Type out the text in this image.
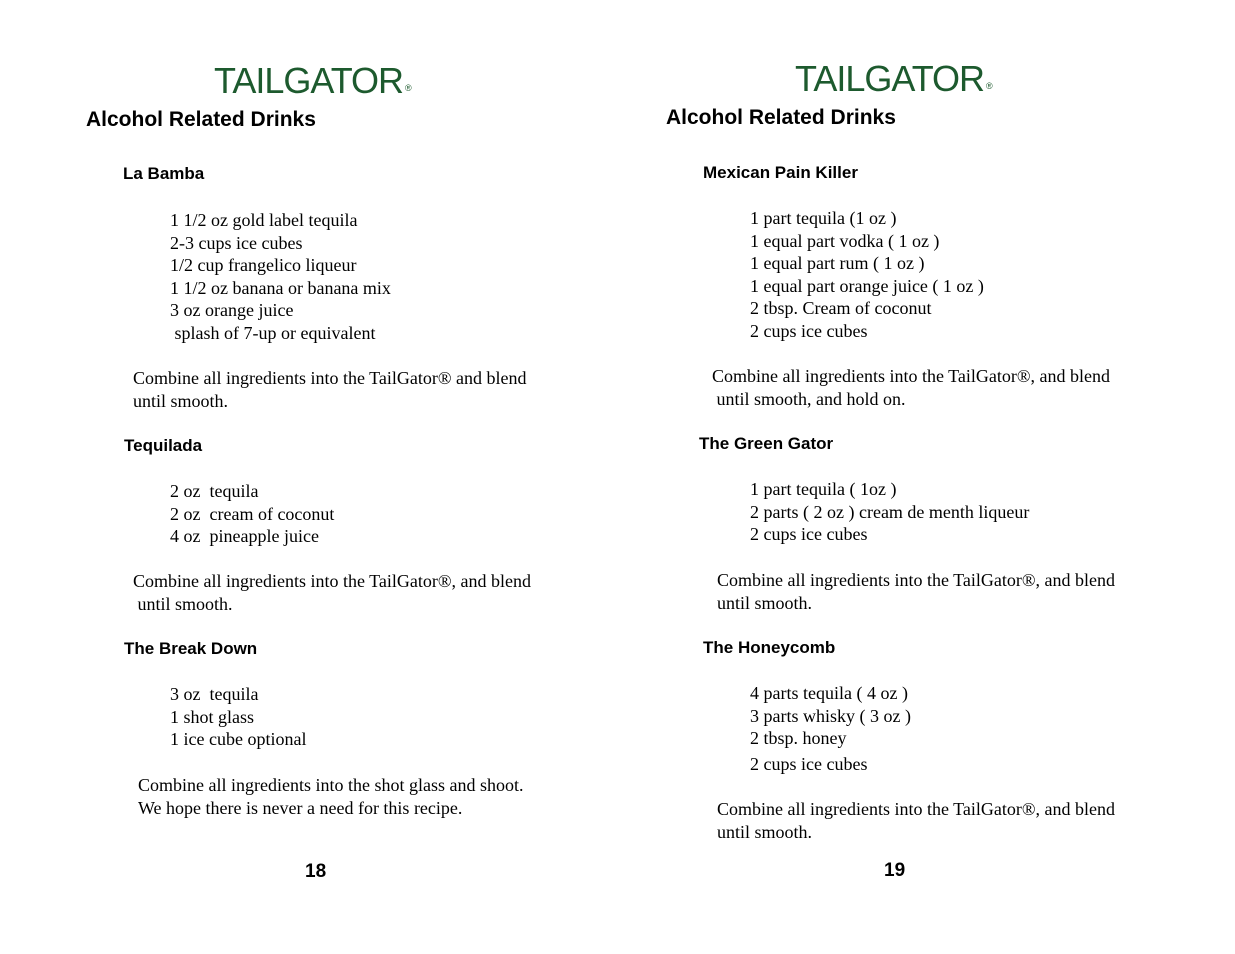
TAILGATOR ®
Alcohol Related Drinks
La Bamba
1 1/2 oz gold label tequila
2-3 cups ice cubes
1/2 cup frangelico liqueur
1 1/2 oz banana or banana mix
3 oz orange juice
splash of 7-up or equivalent
Combine all ingredients into the TailGator® and blend
until smooth.
Tequilada
2 oz  tequila
2 oz  cream of coconut
4 oz  pineapple juice
Combine all ingredients into the TailGator®, and blend
until smooth.
The Break Down
3 oz  tequila
1 shot glass
1 ice cube optional
Combine all ingredients into the shot glass and shoot.
We hope there is never a need for this recipe.
18
TAILGATOR ®
Alcohol Related Drinks
Mexican Pain Killer
1 part tequila (1 oz )
1 equal part vodka ( 1 oz )
1 equal part rum ( 1 oz )
1 equal part orange juice ( 1 oz )
2 tbsp. Cream of coconut
2 cups ice cubes
Combine all ingredients into the TailGator®, and blend
until smooth, and hold on.
The Green Gator
1 part tequila ( 1oz )
2 parts ( 2 oz ) cream de menth liqueur
2 cups ice cubes
Combine all ingredients into the TailGator®, and blend
until smooth.
The Honeycomb
4 parts tequila ( 4 oz )
3 parts whisky ( 3 oz )
2 tbsp. honey
2 cups ice cubes
Combine all ingredients into the TailGator®, and blend
until smooth.
19
